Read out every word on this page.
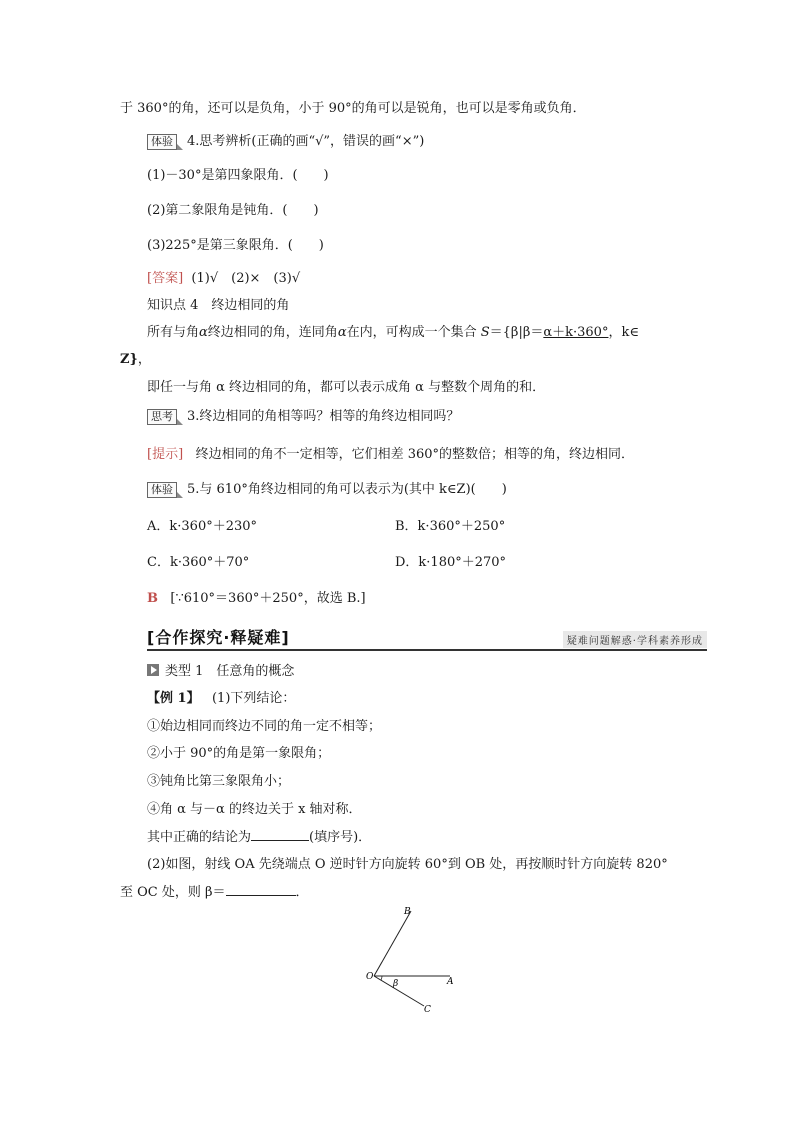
于 360°的角，还可以是负角，小于 90°的角可以是锐角，也可以是零角或负角．
体验 4.思考辨析(正确的画“√”，错误的画“×”)
(1)－30°是第四象限角．(　　)
(2)第二象限角是钝角．(　　)
(3)225°是第三象限角．(　　)
[答案] (1)√　(2)×　(3)√
知识点 4　终边相同的角
所有与角α终边相同的角，连同角α在内，可构成一个集合 S＝{β|β＝α＋k·360°，k∈
Z}，
即任一与角 α 终边相同的角，都可以表示成角 α 与整数个周角的和．
思考 3.终边相同的角相等吗？相等的角终边相同吗？
[提示] 终边相同的角不一定相等，它们相差 360°的整数倍；相等的角，终边相同．
体验 5.与 610°角终边相同的角可以表示为(其中 k∈Z)(　　)
A．k·360°＋230°	B．k·360°＋250°
C．k·360°＋70°	D．k·180°＋270°
B [∵610°＝360°＋250°，故选 B.]
[合作探究·释疑难]	疑难问题解惑·学科素养形成
类型 1　任意角的概念
【例 1】 (1)下列结论：
①始边相同而终边不同的角一定不相等；
②小于 90°的角是第一象限角；
③钝角比第三象限角小；
④角 α 与－α 的终边关于 x 轴对称．
其中正确的结论为	(填序号)．
(2)如图，射线 OA 先绕端点 O 逆时针方向旋转 60°到 OB 处，再按顺时针方向旋转 820°
至 OC 处，则 β＝	．
B
O	A
C
β
